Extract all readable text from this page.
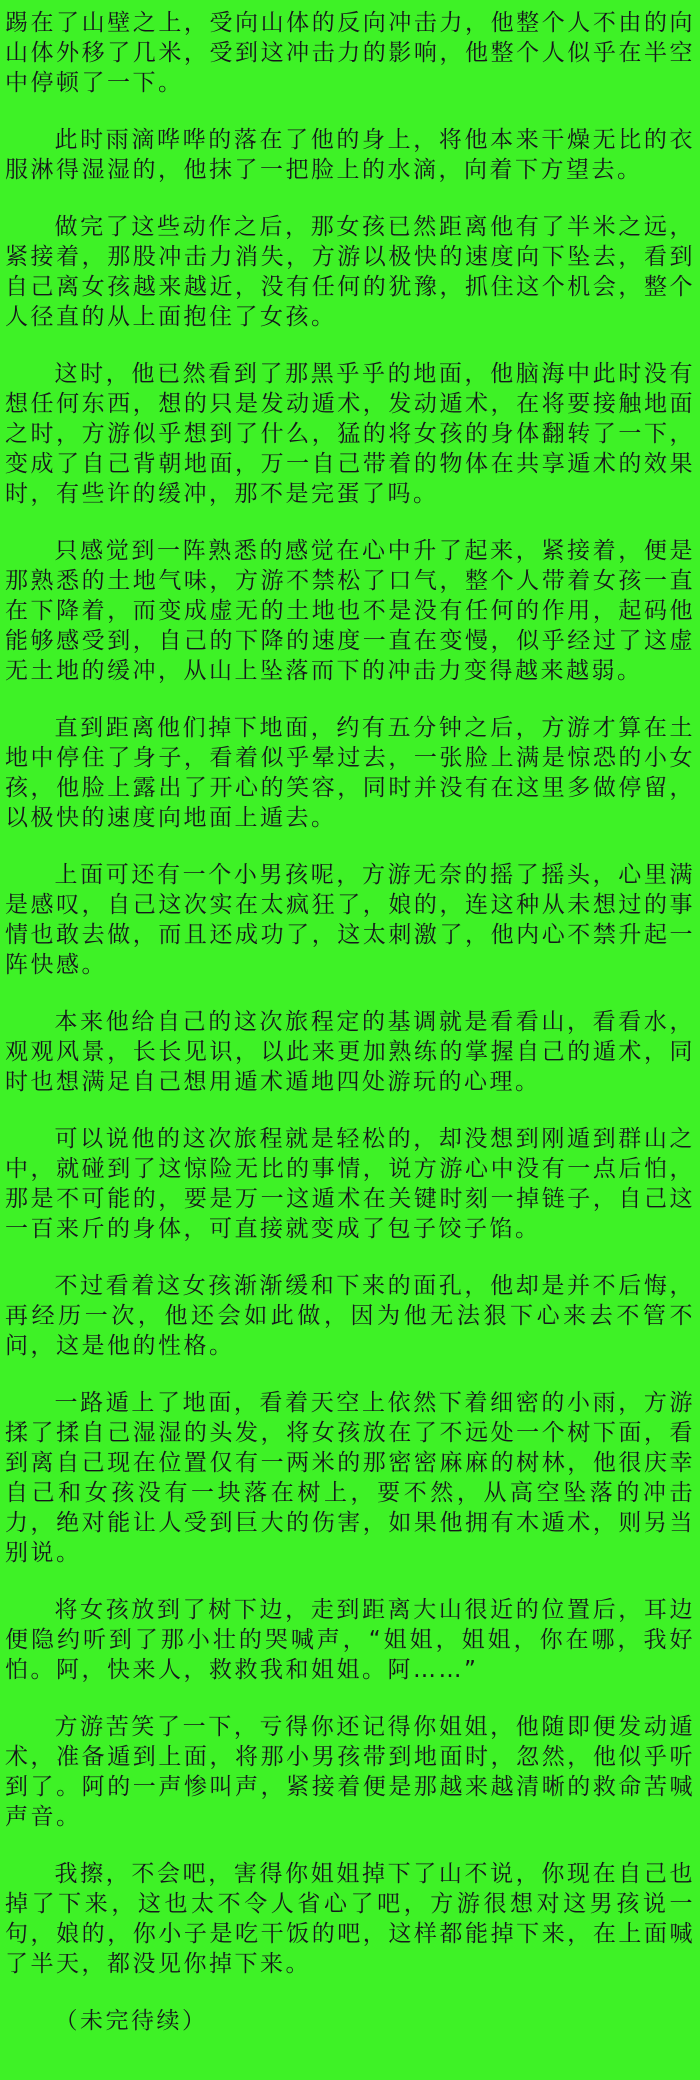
踢在了山壁之上，受向山体的反向冲击力，他整个人不由的向山体外移了几米，受到这冲击力的影响，他整个人似乎在半空中停顿了一下。

此时雨滴哗哗的落在了他的身上，将他本来干燥无比的衣服淋得湿湿的，他抹了一把脸上的水滴，向着下方望去。

做完了这些动作之后，那女孩已然距离他有了半米之远，紧接着，那股冲击力消失，方游以极快的速度向下坠去，看到自己离女孩越来越近，没有任何的犹豫，抓住这个机会，整个人径直的从上面抱住了女孩。

这时，他已然看到了那黑乎乎的地面，他脑海中此时没有想任何东西，想的只是发动遁术，发动遁术，在将要接触地面之时，方游似乎想到了什么，猛的将女孩的身体翻转了一下，变成了自己背朝地面，万一自己带着的物体在共享遁术的效果时，有些许的缓冲，那不是完蛋了吗。

只感觉到一阵熟悉的感觉在心中升了起来，紧接着，便是那熟悉的土地气味，方游不禁松了口气，整个人带着女孩一直在下降着，而变成虚无的土地也不是没有任何的作用，起码他能够感受到，自己的下降的速度一直在变慢，似乎经过了这虚无土地的缓冲，从山上坠落而下的冲击力变得越来越弱。

直到距离他们掉下地面，约有五分钟之后，方游才算在土地中停住了身子，看着似乎晕过去，一张脸上满是惊恐的小女孩，他脸上露出了开心的笑容，同时并没有在这里多做停留，以极快的速度向地面上遁去。

上面可还有一个小男孩呢，方游无奈的摇了摇头，心里满是感叹，自己这次实在太疯狂了，娘的，连这种从未想过的事情也敢去做，而且还成功了，这太刺激了，他内心不禁升起一阵快感。

本来他给自己的这次旅程定的基调就是看看山，看看水，观观风景，长长见识，以此来更加熟练的掌握自己的遁术，同时也想满足自己想用遁术遁地四处游玩的心理。

可以说他的这次旅程就是轻松的，却没想到刚遁到群山之中，就碰到了这惊险无比的事情，说方游心中没有一点后怕，那是不可能的，要是万一这遁术在关键时刻一掉链子，自己这一百来斤的身体，可直接就变成了包子饺子馅。

不过看着这女孩渐渐缓和下来的面孔，他却是并不后悔，再经历一次，他还会如此做，因为他无法狠下心来去不管不问，这是他的性格。

一路遁上了地面，看着天空上依然下着细密的小雨，方游揉了揉自己湿湿的头发，将女孩放在了不远处一个树下面，看到离自己现在位置仅有一两米的那密密麻麻的树林，他很庆幸自己和女孩没有一块落在树上，要不然，从高空坠落的冲击力，绝对能让人受到巨大的伤害，如果他拥有木遁术，则另当别说。

将女孩放到了树下边，走到距离大山很近的位置后，耳边便隐约听到了那小壮的哭喊声，“姐姐，姐姐，你在哪，我好怕。阿，快来人，救救我和姐姐。阿……”

方游苦笑了一下，亏得你还记得你姐姐，他随即便发动遁术，准备遁到上面，将那小男孩带到地面时，忽然，他似乎听到了。阿的一声惨叫声，紧接着便是那越来越清晰的救命苦喊声音。

我擦，不会吧，害得你姐姐掉下了山不说，你现在自己也掉了下来，这也太不令人省心了吧，方游很想对这男孩说一句，娘的，你小子是吃干饭的吧，这样都能掉下来，在上面喊了半天，都没见你掉下来。

（未完待续）
